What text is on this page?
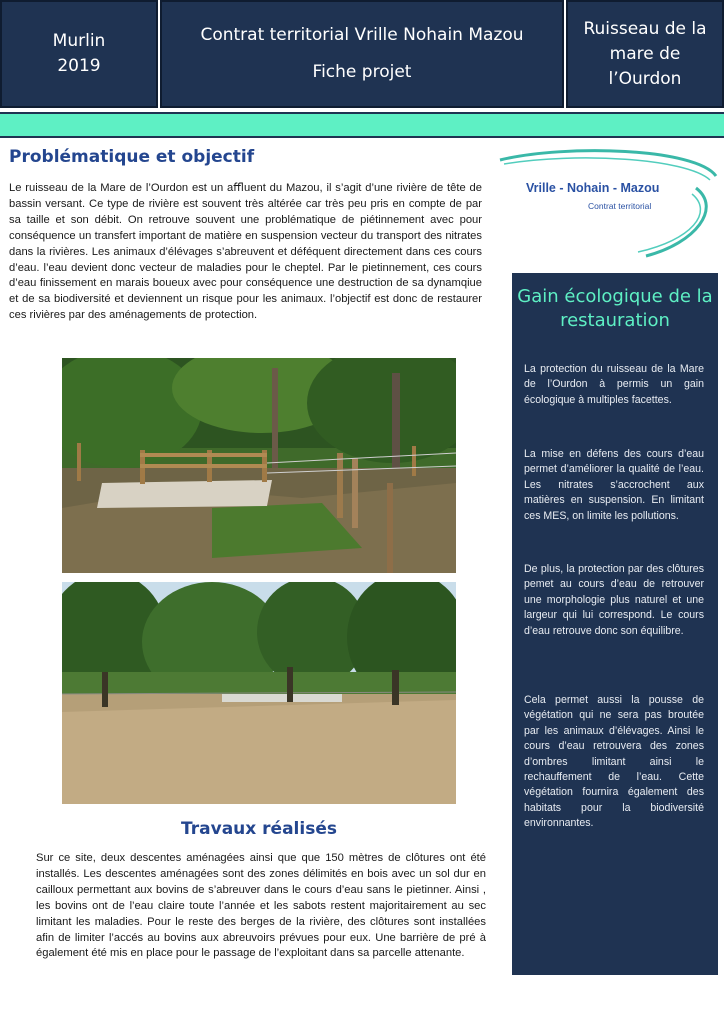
Murlin
2019
Contrat territorial Vrille Nohain Mazou
Fiche projet
Ruisseau de la
mare de
l’Ourdon
Problématique et objectif

Le ruisseau de la Mare de l’Ourdon est un aﬄuent du Mazou, il s’agit d’une rivière de tête de bassin versant. Ce type de rivière est souvent très altérée car très peu pris en compte de par sa taille et son débit. On retrouve souvent une problématique de piétinnement avec pour conséquence un transfert important de matière en suspension vecteur du transport des nitrates dans la rivières. Les animaux d’élévages s’abreuvent et déféquent directement dans ces cours d’eau. l’eau devient donc vecteur de maladies pour le cheptel. Par le pietinnement, ces cours d’eau ﬁnissement en marais boueux avec pour conséquence une destruction de sa dynamqiue et de sa biodiversité et deviennent un risque pour les animaux. l’objectif est donc de restaurer ces rivières par des aménagements de protection.

Travaux réalisés

Sur ce site, deux descentes aménagées ainsi que que 150 mètres de clôtures ont été installés. Les descentes aménagées sont des zones délimités en bois avec un sol dur en cailloux permettant aux bovins de s’abreuver dans le cours d’eau sans le pietinner. Ainsi , les bovins ont de l’eau claire toute l’année et les sabots restent majoritairement au sec limitant les maladies. Pour le reste des berges de la rivière, des clôtures sont installées aﬁn de limiter l’accés au bovins aux abreuvoirs prévues pour eux. Une barrière de pré à également été mis en place pour le passage de l’exploitant dans sa parcelle attenante.

Vrille - Nohain - Mazou
Contrat territorial
Gain écologique de la restauration

La protection du ruisseau de la Mare de l’Ourdon à permis un gain écologique à multiples facettes.

La mise en défens des cours d’eau permet d’améliorer la qualité de l’eau. Les nitrates s’accrochent aux matières en suspension. En limitant ces MES, on limite les pollutions.

De plus, la protection par des clôtures pemet au cours d’eau de retrouver une morphologie plus naturel et une largeur qui lui correspond. Le cours d’eau retrouve donc son équilibre.

Cela permet aussi la pousse de végétation qui ne sera pas broutée par les animaux d’élévages. Ainsi le cours d’eau retrouvera des zones d’ombres limitant ainsi le rechauffement de l’eau. Cette végétation fournira également des habitats pour la biodiversité environnantes.
